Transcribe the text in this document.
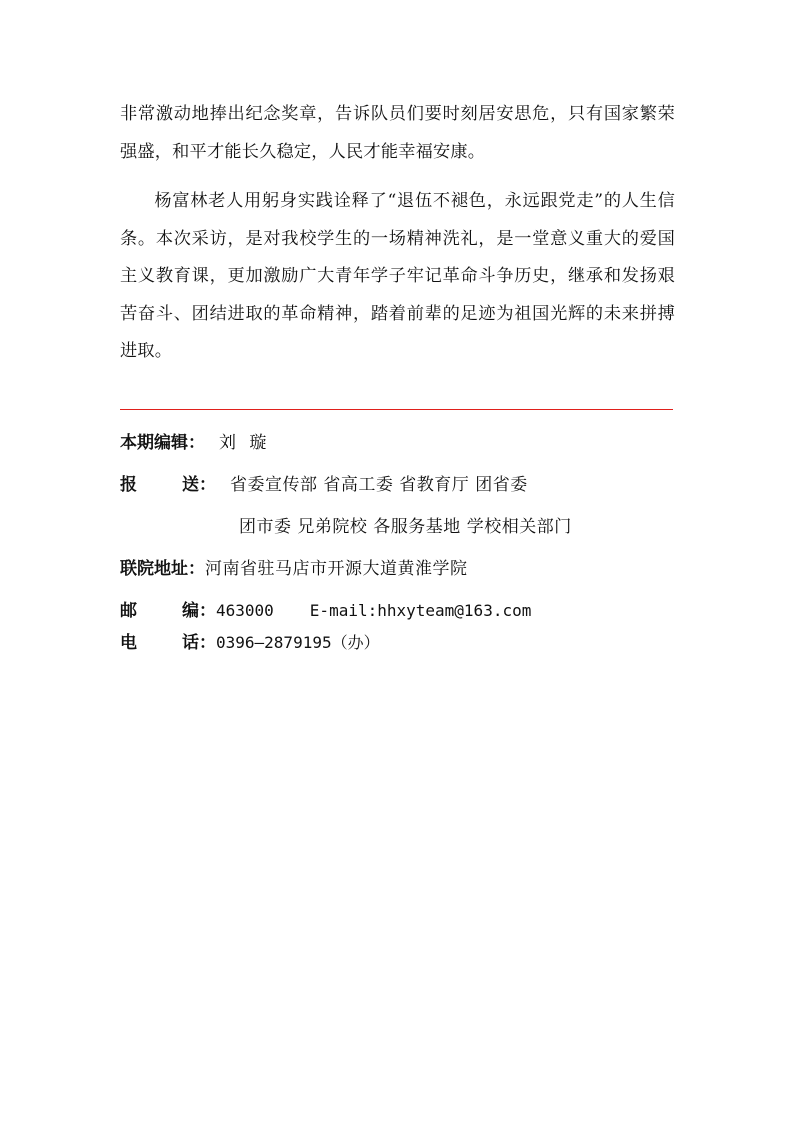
非常激动地捧出纪念奖章，告诉队员们要时刻居安思危，只有国家繁荣强盛，和平才能长久稳定，人民才能幸福安康。

杨富林老人用躬身实践诠释了“退伍不褪色，永远跟党走”的人生信条。本次采访，是对我校学生的一场精神洗礼，是一堂意义重大的爱国主义教育课，更加激励广大青年学子牢记革命斗争历史，继承和发扬艰苦奋斗、团结进取的革命精神，踏着前辈的足迹为祖国光辉的未来拼搏进取。

本期编辑： 刘 璇
报	送： 省委宣传部 省高工委 省教育厅 团省委
团市委 兄弟院校 各服务基地 学校相关部门
联院地址：河南省驻马店市开源大道黄淮学院
邮	编：463000 E-mail:hhxyteam@163.com
电	话：0396—2879195（办）
